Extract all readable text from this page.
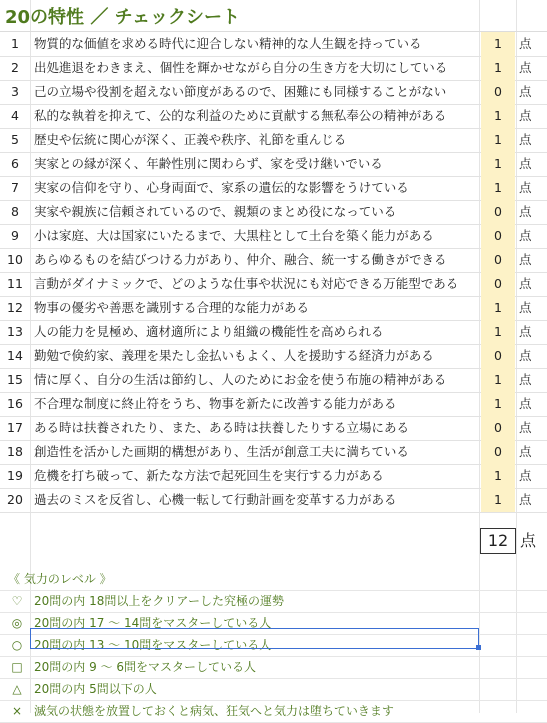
20の特性 ／ チェックシート
1	物質的な価値を求める時代に迎合しない精神的な人生観を持っている	1	点
2	出処進退をわきまえ、個性を輝かせながら自分の生き方を大切にしている	1	点
3	己の立場や役割を超えない節度があるので、困難にも同様することがない	0	点
4	私的な執着を抑えて、公的な利益のために貢献する無私奉公の精神がある	1	点
5	歴史や伝統に関心が深く、正義や秩序、礼節を重んじる	1	点
6	実家との縁が深く、年齢性別に関わらず、家を受け継いでいる	1	点
7	実家の信仰を守り、心身両面で、家系の遺伝的な影響をうけている	1	点
8	実家や親族に信頼されているので、親類のまとめ役になっている	0	点
9	小は家庭、大は国家にいたるまで、大黒柱として土台を築く能力がある	0	点
10 あらゆるものを結びつける力があり、仲介、融合、統一する働きができる	0	点
11 言動がダイナミックで、どのような仕事や状況にも対応できる万能型である	0	点
12 物事の優劣や善悪を識別する合理的な能力がある	1	点
13 人の能力を見極め、適材適所により組織の機能性を高められる	1	点
14 勤勉で倹約家、義理を果たし金払いもよく、人を援助する経済力がある	0	点
15 情に厚く、自分の生活は節約し、人のためにお金を使う布施の精神がある	1	点
16 不合理な制度に終止符をうち、物事を新たに改善する能力がある	1	点
17 ある時は扶養されたり、また、ある時は扶養したりする立場にある	0	点
18 創造性を活かした画期的構想があり、生活が創意工夫に満ちている	0	点
19 危機を打ち破って、新たな方法で起死回生を実行する力がある	1	点
20 過去のミスを反省し、心機一転して行動計画を変革する力がある	1	点
12 点
《 気力のレベル 》
♡ 20問の内 18問以上をクリアーした究極の運勢
◎ 20問の内 17 〜 14問をマスターしている人
○ 20問の内 13 〜 10問をマスターしている人
□ 20問の内 9 〜 6問をマスターしている人
△	20問の内 5問以下の人
× 滅気の状態を放置しておくと病気、狂気へと気力は堕ちていきます
